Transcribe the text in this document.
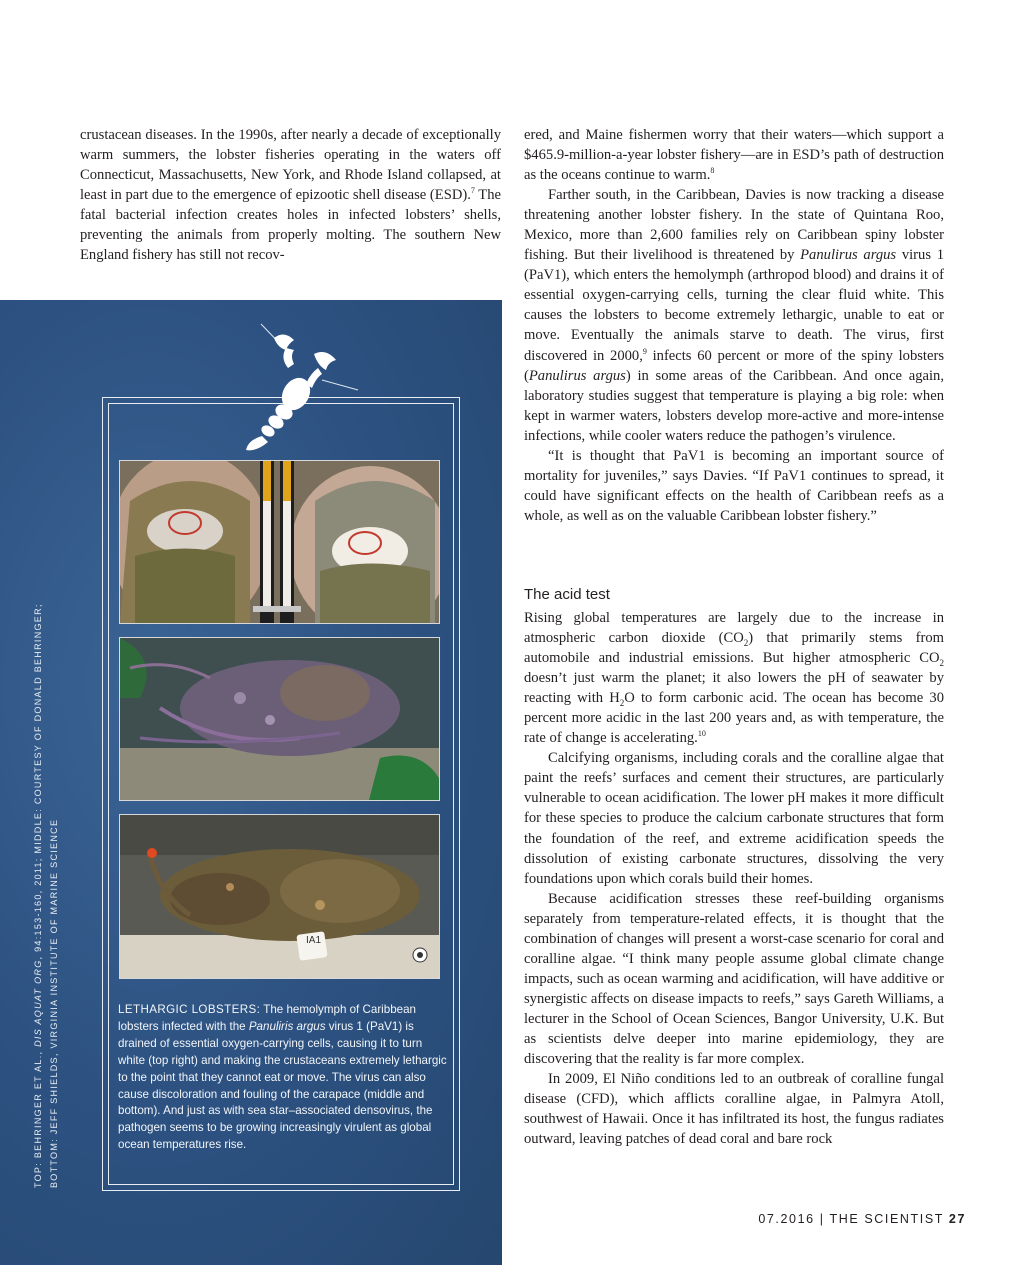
crustacean diseases. In the 1990s, after nearly a decade of exceptionally warm summers, the lobster fisheries operating in the waters off Connecticut, Massachusetts, New York, and Rhode Island collapsed, at least in part due to the emergence of epizootic shell disease (ESD).$^7$ The fatal bacterial infection creates holes in infected lobsters’ shells, preventing the animals from properly molting. The southern New England fishery has still not recov-

ered, and Maine fishermen worry that their waters—which support a $465.9-million-a-year lobster fishery—are in ESD’s path of destruction as the oceans continue to warm.$^8$

Farther south, in the Caribbean, Davies is now tracking a disease threatening another lobster fishery. In the state of Quintana Roo, Mexico, more than 2,600 families rely on Caribbean spiny lobster fishing. But their livelihood is threatened by Panulirus argus virus 1 (PaV1), which enters the hemolymph (arthropod blood) and drains it of essential oxygen-carrying cells, turning the clear fluid white. This causes the lobsters to become extremely lethargic, unable to eat or move. Eventually the animals starve to death. The virus, first discovered in 2000,$^9$ infects 60 percent or more of the spiny lobsters (Panulirus argus) in some areas of the Caribbean. And once again, laboratory studies suggest that temperature is playing a big role: when kept in warmer waters, lobsters develop more-active and more-intense infections, while cooler waters reduce the pathogen’s virulence.

“It is thought that PaV1 is becoming an important source of mortality for juveniles,” says Davies. “If PaV1 continues to spread, it could have significant effects on the health of Caribbean reefs as a whole, as well as on the valuable Caribbean lobster fishery.”

The acid test

Rising global temperatures are largely due to the increase in atmospheric carbon dioxide $(CO_2)$ that primarily stems from automobile and industrial emissions. But higher atmospheric $CO_2$ doesn’t just warm the planet; it also lowers the pH of seawater by reacting with $H_2O$ to form carbonic acid. The ocean has become 30 percent more acidic in the last 200 years and, as with temperature, the rate of change is accelerating.$^{10}$

Calcifying organisms, including corals and the coralline algae that paint the reefs’ surfaces and cement their structures, are particularly vulnerable to ocean acidification. The lower pH makes it more difficult for these species to produce the calcium carbonate structures that form the foundation of the reef, and extreme acidification speeds the dissolution of existing carbonate structures, dissolving the very foundations upon which corals build their homes.

Because acidification stresses these reef-building organisms separately from temperature-related effects, it is thought that the combination of changes will present a worst-case scenario for coral and coralline algae. “I think many people assume global climate change impacts, such as ocean warming and acidification, will have additive or synergistic affects on disease impacts to reefs,” says Gareth Williams, a lecturer in the School of Ocean Sciences, Bangor University, U.K. But as scientists delve deeper into marine epidemiology, they are discovering that the reality is far more complex.

In 2009, El Niño conditions led to an outbreak of coralline fungal disease (CFD), which afflicts coralline algae, in Palmyra Atoll, southwest of Hawaii. Once it has infiltrated its host, the fungus radiates outward, leaving patches of dead coral and bare rock

IA1
LETHARGIC LOBSTERS: The hemolymph of Caribbean lobsters infected with the Panuliris argus virus 1 (PaV1) is drained of essential oxygen-carrying cells, causing it to turn white (top right) and making the crustaceans extremely lethargic to the point that they cannot eat or move. The virus can also cause discoloration and fouling of the carapace (middle and bottom). And just as with sea star–associated densovirus, the pathogen seems to be growing increasingly virulent as global ocean temperatures rise.
TOP: BEHRINGER ET AL., DIS AQUAT ORG, 94:153-160, 2011; MIDDLE: COURTESY OF DONALD BEHRINGER;
BOTTOM: JEFF SHIELDS, VIRGINIA INSTITUTE OF MARINE SCIENCE
07.2016 | THE SCIENTIST 27
